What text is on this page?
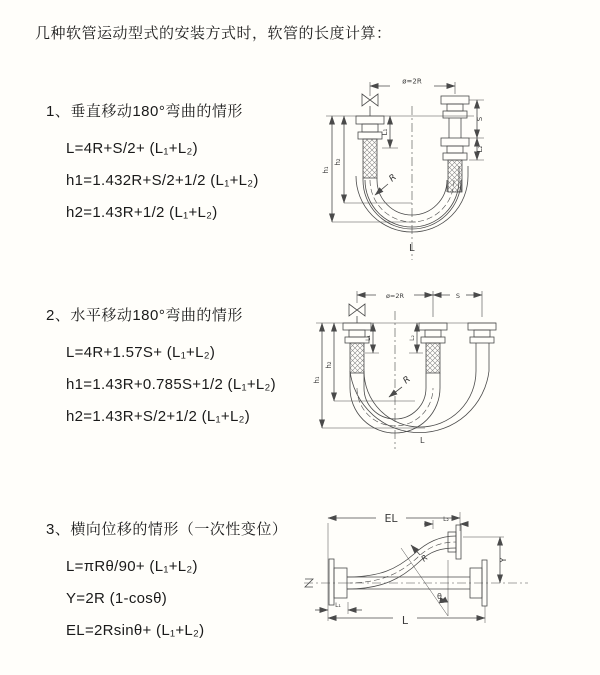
几种软管运动型式的安装方式时，软管的长度计算：
1、垂直移动180°弯曲的情形
L=4R+S/2+ (L₁+L₂)
h1=1.432R+S/2+1/2 (L₁+L₂)
h2=1.43R+1/2 (L₁+L₂)
2、水平移动180°弯曲的情形
L=4R+1.57S+ (L₁+L₂)
h1=1.43R+0.785S+1/2 (L₁+L₂)
h2=1.43R+S/2+1/2 (L₁+L₂)
3、横向位移的情形（一次性变位）
L=πRθ/90+ (L₁+L₂)
Y=2R (1-cosθ)
EL=2Rsinθ+ (L₁+L₂)
ø=2R
h₁
h₂
L₁
S
L₂
R
L
ø=2R	S
h₁
h₂
L₁	L₂
R
L
EL	L₂
Y
R
θ
L
L₁
